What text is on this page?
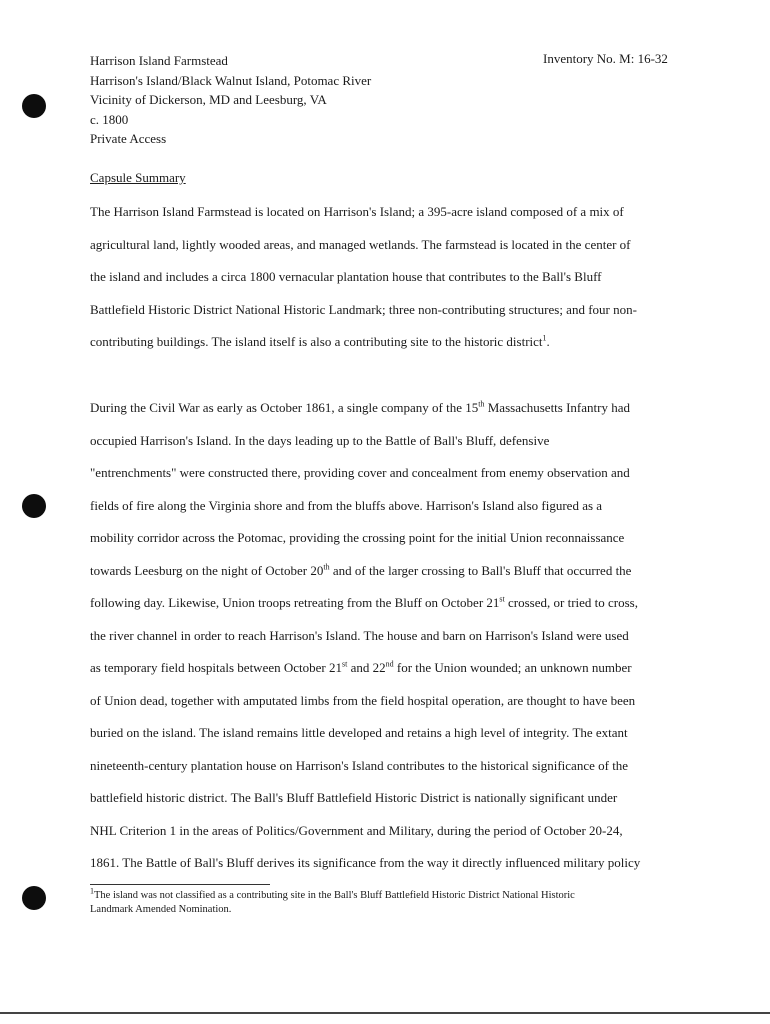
Harrison Island Farmstead
Harrison's Island/Black Walnut Island, Potomac River
Vicinity of Dickerson, MD and Leesburg, VA
c. 1800
Private Access
Inventory No. M: 16-32
Capsule Summary
The Harrison Island Farmstead is located on Harrison's Island; a 395-acre island composed of a mix of
agricultural land, lightly wooded areas, and managed wetlands. The farmstead is located in the center of
the island and includes a circa 1800 vernacular plantation house that contributes to the Ball's Bluff
Battlefield Historic District National Historic Landmark; three non-contributing structures; and four non-
contributing buildings. The island itself is also a contributing site to the historic district$^1$.
During the Civil War as early as October 1861, a single company of the 15th Massachusetts Infantry had
occupied Harrison's Island. In the days leading up to the Battle of Ball's Bluff, defensive
"entrenchments" were constructed there, providing cover and concealment from enemy observation and
fields of fire along the Virginia shore and from the bluffs above. Harrison's Island also figured as a
mobility corridor across the Potomac, providing the crossing point for the initial Union reconnaissance
towards Leesburg on the night of October 20th and of the larger crossing to Ball's Bluff that occurred the
following day. Likewise, Union troops retreating from the Bluff on October 21st crossed, or tried to cross,
the river channel in order to reach Harrison's Island. The house and barn on Harrison's Island were used
as temporary field hospitals between October 21st and 22nd for the Union wounded; an unknown number
of Union dead, together with amputated limbs from the field hospital operation, are thought to have been
buried on the island. The island remains little developed and retains a high level of integrity. The extant
nineteenth-century plantation house on Harrison's Island contributes to the historical significance of the
battlefield historic district. The Ball's Bluff Battlefield Historic District is nationally significant under
NHL Criterion 1 in the areas of Politics/Government and Military, during the period of October 20-24,
1861. The Battle of Ball's Bluff derives its significance from the way it directly influenced military policy
$^1$The island was not classified as a contributing site in the Ball's Bluff Battlefield Historic District National Historic
Landmark Amended Nomination.
